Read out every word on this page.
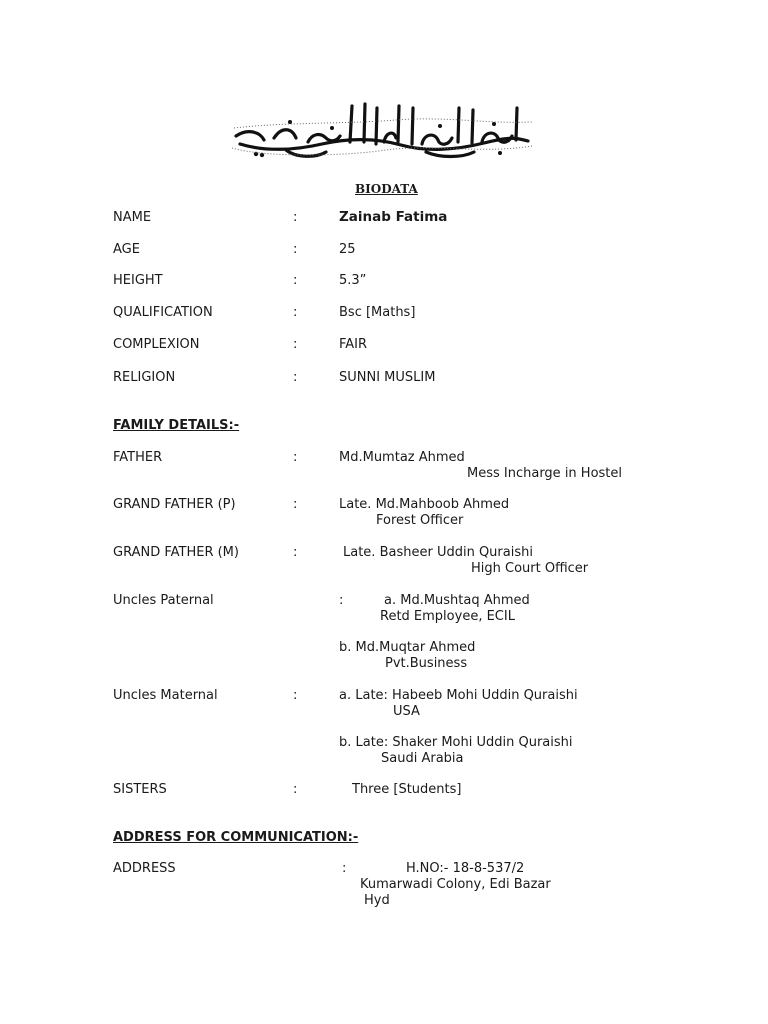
BIODATA
NAME	:	Zainab Fatima
AGE	:	25
HEIGHT	:	5.3”
QUALIFICATION	:	Bsc [Maths]
COMPLEXION	:	FAIR
RELIGION	:	SUNNI MUSLIM
FAMILY DETAILS:-
FATHER	:	Md.Mumtaz Ahmed
Mess Incharge in Hostel
GRAND FATHER (P)	:	Late. Md.Mahboob Ahmed
Forest Officer
GRAND FATHER (M)	:	Late. Basheer Uddin Quraishi
High Court Officer
Uncles Paternal	:	a. Md.Mushtaq Ahmed
Retd Employee, ECIL
b. Md.Muqtar Ahmed
Pvt.Business
Uncles Maternal	:	a. Late: Habeeb Mohi Uddin Quraishi
USA
b. Late: Shaker Mohi Uddin Quraishi
Saudi Arabia
SISTERS	:	Three [Students]
ADDRESS FOR COMMUNICATION:-
ADDRESS	:	H.NO:- 18-8-537/2
Kumarwadi Colony, Edi Bazar
Hyd
